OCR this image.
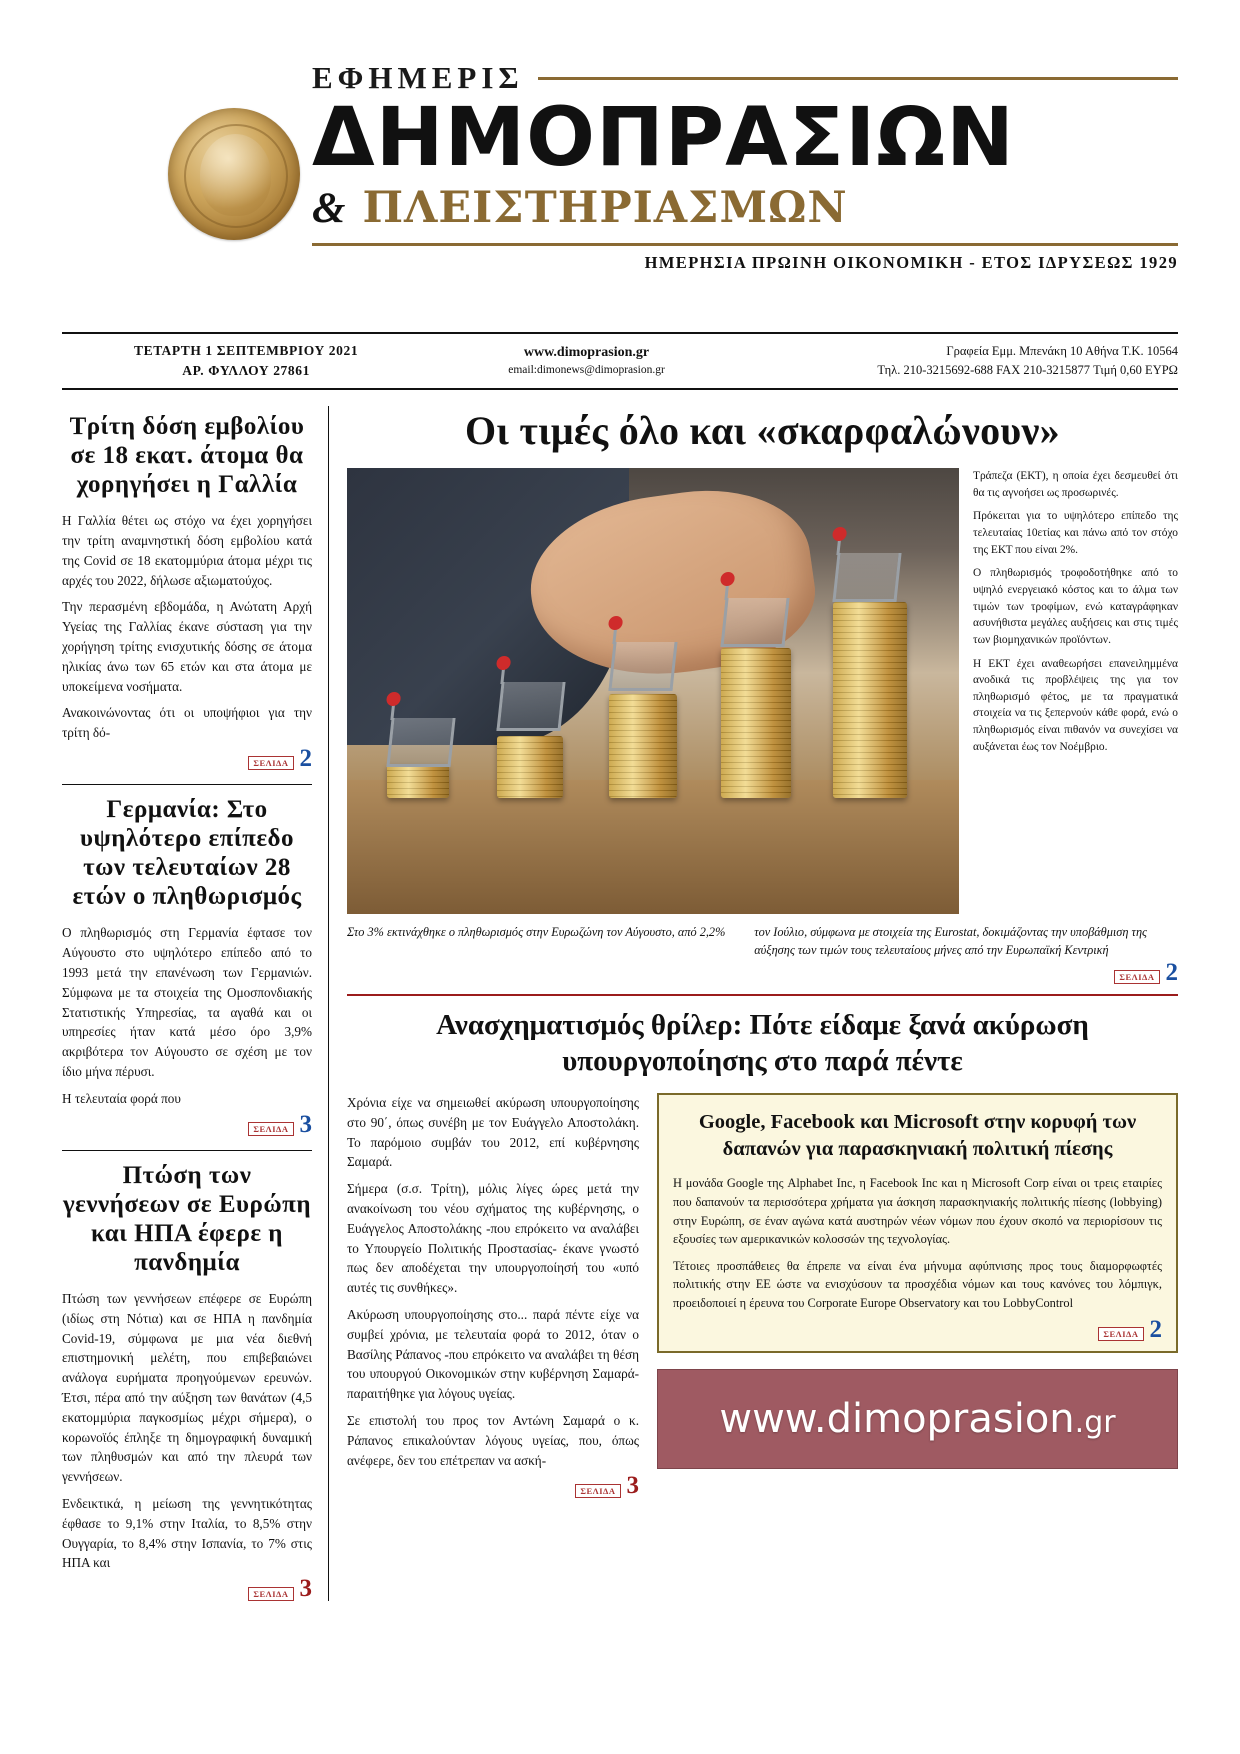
ΕΦΗΜΕΡΙΣ
ΔΗΜΟΠΡΑΣΙΩΝ
& ΠΛΕΙΣΤΗΡΙΑΣΜΩΝ
ΗΜΕΡΗΣΙΑ ΠΡΩΙΝΗ ΟΙΚΟΝΟΜΙΚΗ - ΕΤΟΣ ΙΔΡΥΣΕΩΣ 1929
ΤΕΤΑΡΤΗ 1 ΣΕΠΤΕΜΒΡΙΟΥ 2021
ΑΡ. ΦΥΛΛΟΥ 27861
www.dimoprasion.gr
email:dimonews@dimoprasion.gr
Γραφεία Εμμ. Μπενάκη 10 Αθήνα Τ.Κ. 10564
Τηλ. 210-3215692-688 FAX 210-3215877 Τιμή 0,60 ΕΥΡΩ
Τρίτη δόση εμβολίου σε 18 εκατ. άτομα θα χορηγήσει η Γαλλία

Η Γαλλία θέτει ως στόχο να έχει χορηγήσει την τρίτη αναμνηστική δόση εμβολίου κατά της Covid σε 18 εκατομμύρια άτομα μέχρι τις αρχές του 2022, δήλωσε αξιωματούχος.

Την περασμένη εβδομάδα, η Ανώτατη Αρχή Υγείας της Γαλλίας έκανε σύσταση για την χορήγηση τρίτης ενισχυτικής δόσης σε άτομα ηλικίας άνω των 65 ετών και στα άτομα με υποκείμενα νοσήματα.

Ανακοινώνοντας ότι οι υποψήφιοι για την τρίτη δό-

ΣΕΛΙΔΑ 2
Γερμανία: Στο υψηλότερο επίπεδο των τελευταίων 28 ετών ο πληθωρισμός

Ο πληθωρισμός στη Γερμανία έφτασε τον Αύγουστο στο υψηλότερο επίπεδο από το 1993 μετά την επανένωση των Γερμανιών. Σύμφωνα με τα στοιχεία της Ομοσπονδιακής Στατιστικής Υπηρεσίας, τα αγαθά και οι υπηρεσίες ήταν κατά μέσο όρο 3,9% ακριβότερα τον Αύγουστο σε σχέση με τον ίδιο μήνα πέρυσι.

Η τελευταία φορά που

ΣΕΛΙΔΑ 3
Πτώση των γεννήσεων σε Ευρώπη και ΗΠΑ έφερε η πανδημία

Πτώση των γεννήσεων επέφερε σε Ευρώπη (ιδίως στη Νότια) και σε ΗΠΑ η πανδημία Covid-19, σύμφωνα με μια νέα διεθνή επιστημονική μελέτη, που επιβεβαιώνει ανάλογα ευρήματα προηγούμενων ερευνών. Έτσι, πέρα από την αύξηση των θανάτων (4,5 εκατομμύρια παγκοσμίως μέχρι σήμερα), ο κορωνοϊός έπληξε τη δημογραφική δυναμική των πληθυσμών και από την πλευρά των γεννήσεων.

Ενδεικτικά, η μείωση της γεννητικότητας έφθασε το 9,1% στην Ιταλία, το 8,5% στην Ουγγαρία, το 8,4% στην Ισπανία, το 7% στις ΗΠΑ και

ΣΕΛΙΔΑ 3
Οι τιμές όλο και «σκαρφαλώνουν»

Τράπεζα (ΕΚΤ), η οποία έχει δεσμευθεί ότι θα τις αγνοήσει ως προσωρινές.

Πρόκειται για το υψηλότερο επίπεδο της τελευταίας 10ετίας και πάνω από τον στόχο της ΕΚΤ που είναι 2%.

Ο πληθωρισμός τροφοδοτήθηκε από το υψηλό ενεργειακό κόστος και το άλμα των τιμών των τροφίμων, ενώ καταγράφηκαν ασυνήθιστα μεγάλες αυξήσεις και στις τιμές των βιομηχανικών προϊόντων.

Η ΕΚΤ έχει αναθεωρήσει επανειλημμένα ανοδικά τις προβλέψεις της για τον πληθωρισμό φέτος, με τα πραγματικά στοιχεία να τις ξεπερνούν κάθε φορά, ενώ ο πληθωρισμός είναι πιθανόν να συνεχίσει να αυξάνεται έως τον Νοέμβριο.

Στο 3% εκτινάχθηκε ο πληθωρισμός στην Ευρωζώνη τον Αύγουστο, από 2,2%	τον Ιούλιο, σύμφωνα με στοιχεία της Eurostat, δοκιμάζοντας την υποβάθμιση της αύξησης των τιμών τους τελευταίους μήνες από την Ευρωπαϊκή Κεντρική
ΣΕΛΙΔΑ 2
Ανασχηματισμός θρίλερ: Πότε είδαμε ξανά ακύρωση υπουργοποίησης στο παρά πέντε

Χρόνια είχε να σημειωθεί ακύρωση υπουργοποίησης στο 90΄, όπως συνέβη με τον Ευάγγελο Αποστολάκη. Το παρόμοιο συμβάν του 2012, επί κυβέρνησης Σαμαρά.

Σήμερα (σ.σ. Τρίτη), μόλις λίγες ώρες μετά την ανακοίνωση του νέου σχήματος της κυβέρνησης, ο Ευάγγελος Αποστολάκης -που επρόκειτο να αναλάβει το Υπουργείο Πολιτικής Προστασίας- έκανε γνωστό πως δεν αποδέχεται την υπουργοποίησή του «υπό αυτές τις συνθήκες».

Ακύρωση υπουργοποίησης στο... παρά πέντε είχε να συμβεί χρόνια, με τελευταία φορά το 2012, όταν ο Βασίλης Ράπανος -που επρόκειτο να αναλάβει τη θέση του υπουργού Οικονομικών στην κυβέρνηση Σαμαρά- παραιτήθηκε για λόγους υγείας.

Σε επιστολή του προς τον Αντώνη Σαμαρά ο κ. Ράπανος επικαλούνταν λόγους υγείας, που, όπως ανέφερε, δεν του επέτρεπαν να ασκή-

ΣΕΛΙΔΑ 3
Google, Facebook και Microsoft στην κορυφή των δαπανών για παρασκηνιακή πολιτική πίεσης

Η μονάδα Google της Alphabet Inc, η Facebook Inc και η Microsoft Corp είναι οι τρεις εταιρίες που δαπανούν τα περισσότερα χρήματα για άσκηση παρασκηνιακής πολιτικής πίεσης (lobbying) στην Ευρώπη, σε έναν αγώνα κατά αυστηρών νέων νόμων που έχουν σκοπό να περιορίσουν τις εξουσίες των αμερικανικών κολοσσών της τεχνολογίας.

Τέτοιες προσπάθειες θα έπρεπε να είναι ένα μήνυμα αφύπνισης προς τους διαμορφωφτές πολιτικής στην ΕΕ ώστε να ενισχύσουν τα προσχέδια νόμων και τους κανόνες του λόμπιγκ, προειδοποιεί η έρευνα του Corporate Europe Observatory και του LobbyControl

ΣΕΛΙΔΑ 2
www.dimoprasion.gr
